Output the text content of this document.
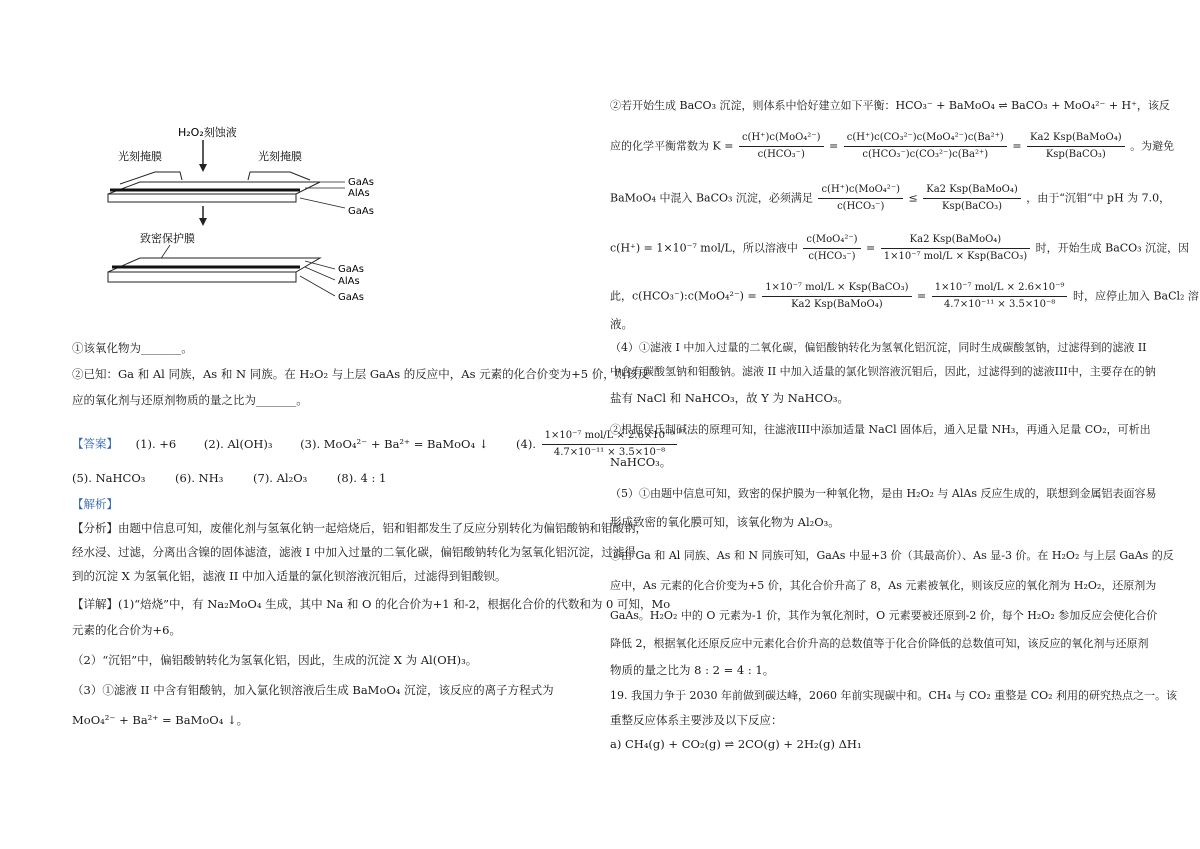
H₂O₂刻蚀液
光刻掩膜	光刻掩膜
GaAs
AlAs
GaAs
致密保护膜
GaAs
AlAs
GaAs
①该氧化物为_______。
②已知：Ga 和 Al 同族，As 和 N 同族。在 H₂O₂ 与上层 GaAs 的反应中，As 元素的化合价变为+5 价，则该反
应的氧化剂与还原剂物质的量之比为_______。
【答案】 (1). +6 (2). Al(OH)₃ (3). MoO₄²⁻ + Ba²⁺ = BaMoO₄ ↓ (4). $\frac{\text{1×10⁻⁷ mol/L × 2.6×10⁻⁹}}{\text{4.7×10⁻¹¹ × 3.5×10⁻⁸}}$
(5). NaHCO₃	(6). NH₃	(7). Al₂O₃	(8). 4 : 1
【解析】
【分析】由题中信息可知，废催化剂与氢氧化钠一起焙烧后，铝和钼都发生了反应分别转化为偏铝酸钠和钼酸钠，
经水浸、过滤，分离出含镍的固体滤渣，滤液 I 中加入过量的二氧化碳，偏铝酸钠转化为氢氧化铝沉淀，过滤得
到的沉淀 X 为氢氧化铝，滤液 II 中加入适量的氯化钡溶液沉钼后，过滤得到钼酸钡。
【详解】(1)“焙烧”中，有 Na₂MoO₄ 生成，其中 Na 和 O 的化合价为+1 和-2，根据化合价的代数和为 0 可知，Mo
元素的化合价为+6。
（2）“沉铝”中，偏铝酸钠转化为氢氧化铝，因此，生成的沉淀 X 为 Al(OH)₃。
（3）①滤液 II 中含有钼酸钠，加入氯化钡溶液后生成 BaMoO₄ 沉淀，该反应的离子方程式为
MoO₄²⁻ + Ba²⁺ = BaMoO₄ ↓。
②若开始生成 BaCO₃ 沉淀，则体系中恰好建立如下平衡：HCO₃⁻ + BaMoO₄ ⇌ BaCO₃ + MoO₄²⁻ + H⁺，该反
应的化学平衡常数为 $K = \frac{\text{c(H⁺)c(MoO₄²⁻)}}{\text{c(HCO₃⁻)}} = \frac{\text{c(H⁺)c(CO₃²⁻)c(MoO₄²⁻)c(Ba²⁺)}}{\text{c(HCO₃⁻)c(CO₃²⁻)c(Ba²⁺)}} = \frac{\text{Ka2 Ksp(BaMoO₄)}}{\text{Ksp(BaCO₃)}}$ 。为避免
BaMoO₄ 中混入 BaCO₃ 沉淀，必须满足 $\frac{\text{c(H⁺)c(MoO₄²⁻)}}{\text{c(HCO₃⁻)}} \le \frac{\text{Ka2 Ksp(BaMoO₄)}}{\text{Ksp(BaCO₃)}}$ ，由于“沉钼”中 pH 为 7.0，
c(H⁺) = 1×10⁻⁷ mol/L，所以溶液中 $\frac{\text{c(MoO₄²⁻)}}{\text{c(HCO₃⁻)}} = \frac{\text{Ka2 Ksp(BaMoO₄)}}{\text{1×10⁻⁷ mol/L × Ksp(BaCO₃)}}$ 时，开始生成 BaCO₃ 沉淀，因
此，c(HCO₃⁻):c(MoO₄²⁻) = $\frac{\text{1×10⁻⁷ mol/L × Ksp(BaCO₃)}}{\text{Ka2 Ksp(BaMoO₄)}} = \frac{\text{1×10⁻⁷ mol/L × 2.6×10⁻⁹}}{\text{4.7×10⁻¹¹ × 3.5×10⁻⁸}}$ 时，应停止加入 BaCl₂ 溶
液。
（4）①滤液 I 中加入过量的二氧化碳，偏铝酸钠转化为氢氧化铝沉淀，同时生成碳酸氢钠，过滤得到的滤液 II
中含有碳酸氢钠和钼酸钠。滤液 II 中加入适量的氯化钡溶液沉钼后，因此，过滤得到的滤液III中，主要存在的钠
盐有 NaCl 和 NaHCO₃，故 Y 为 NaHCO₃。
②根据侯氏制碱法的原理可知，往滤液III中添加适量 NaCl 固体后，通入足量 NH₃，再通入足量 CO₂，可析出
NaHCO₃。
（5）①由题中信息可知，致密的保护膜为一种氧化物，是由 H₂O₂ 与 AlAs 反应生成的，联想到金属铝表面容易
形成致密的氧化膜可知，该氧化物为 Al₂O₃。
②由 Ga 和 Al 同族、As 和 N 同族可知，GaAs 中显+3 价（其最高价）、As 显-3 价。在 H₂O₂ 与上层 GaAs 的反
应中，As 元素的化合价变为+5 价，其化合价升高了 8，As 元素被氧化，则该反应的氧化剂为 H₂O₂，还原剂为
GaAs。H₂O₂ 中的 O 元素为-1 价，其作为氧化剂时，O 元素要被还原到-2 价，每个 H₂O₂ 参加反应会使化合价
降低 2，根据氧化还原反应中元素化合价升高的总数值等于化合价降低的总数值可知，该反应的氧化剂与还原剂
物质的量之比为 8 : 2 = 4 : 1。
19. 我国力争于 2030 年前做到碳达峰，2060 年前实现碳中和。CH₄ 与 CO₂ 重整是 CO₂ 利用的研究热点之一。该
重整反应体系主要涉及以下反应：
a) CH₄(g) + CO₂(g) ⇌ 2CO(g) + 2H₂(g) ΔH₁
